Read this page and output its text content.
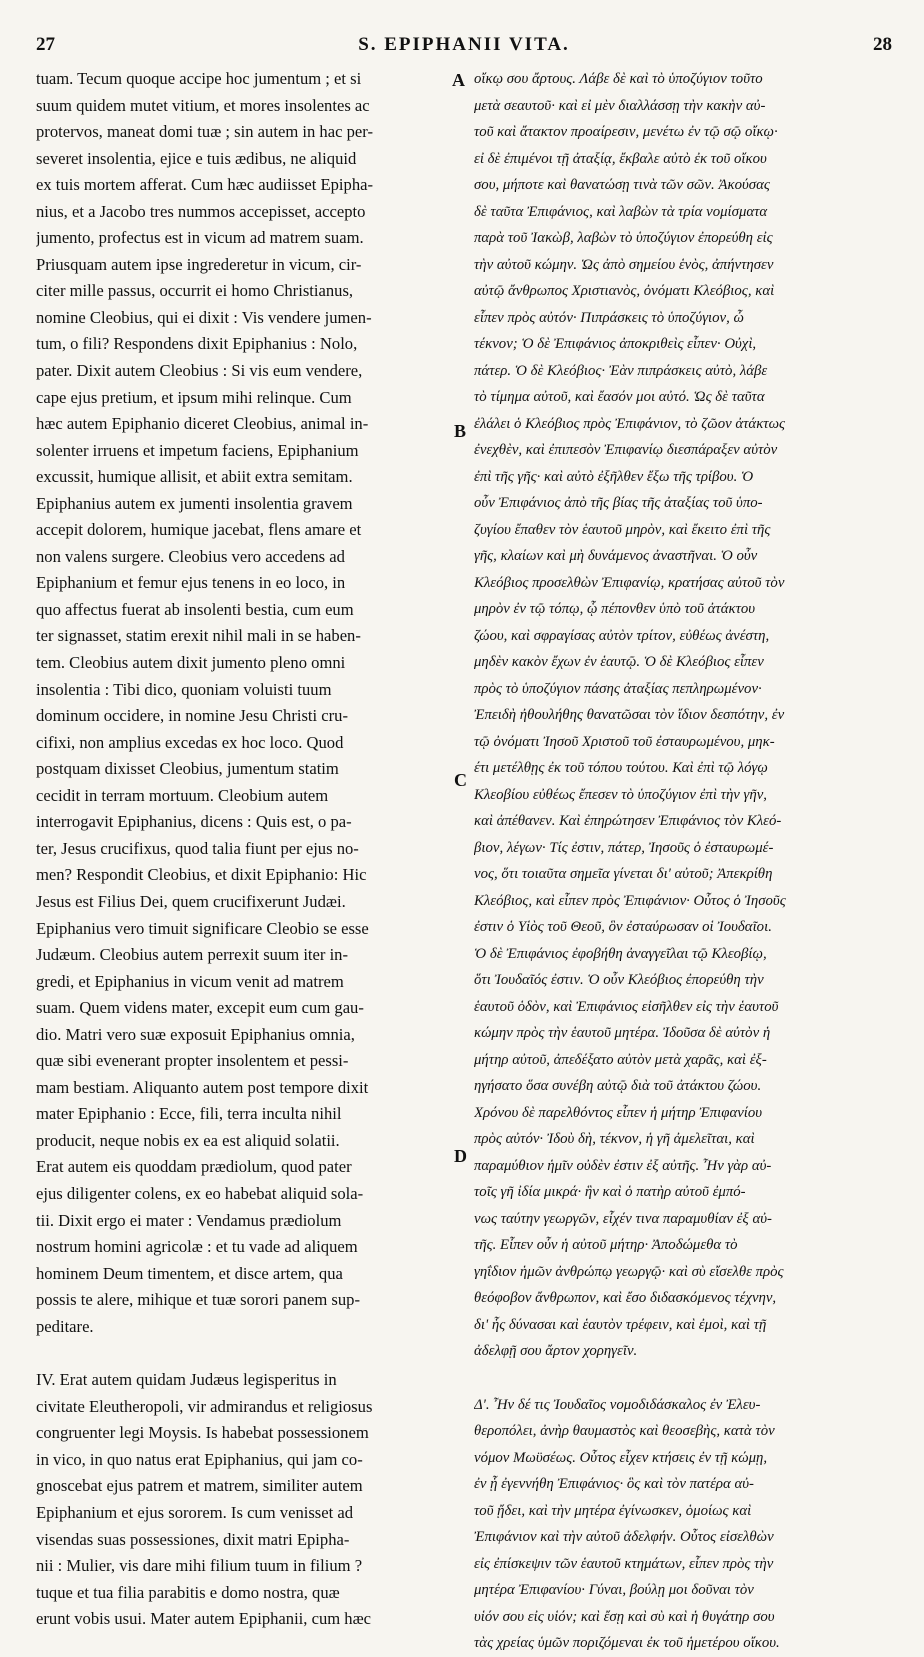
27	S. EPIPHANII VITA.	28
tuam. Tecum quoque accipe hoc jumentum ; et si
suum quidem mutet vitium, et mores insolentes ac
protervos, maneat domi tuæ ; sin autem in hac per-
severet insolentia, ejice e tuis ædibus, ne aliquid
ex tuis mortem afferat. Cum hæc audiisset Epipha-
nius, et a Jacobo tres nummos accepisset, accepto
jumento, profectus est in vicum ad matrem suam.
Priusquam autem ipse ingrederetur in vicum, cir-
citer mille passus, occurrit ei homo Christianus,
nomine Cleobius, qui ei dixit : Vis vendere jumen-
tum, o fili? Respondens dixit Epiphanius : Nolo,
pater. Dixit autem Cleobius : Si vis eum vendere,
cape ejus pretium, et ipsum mihi relinque. Cum
hæc autem Epiphanio diceret Cleobius, animal in-
solenter irruens et impetum faciens, Epiphanium
excussit, humique allisit, et abiit extra semitam.
Epiphanius autem ex jumenti insolentia gravem
accepit dolorem, humique jacebat, flens amare et
non valens surgere. Cleobius vero accedens ad
Epiphanium et femur ejus tenens in eo loco, in
quo affectus fuerat ab insolenti bestia, cum eum
ter signasset, statim erexit nihil mali in se haben-
tem. Cleobius autem dixit jumento pleno omni
insolentia : Tibi dico, quoniam voluisti tuum
dominum occidere, in nomine Jesu Christi cru-
cifixi, non amplius excedas ex hoc loco. Quod
postquam dixisset Cleobius, jumentum statim
cecidit in terram mortuum. Cleobium autem
interrogavit Epiphanius, dicens : Quis est, o pa-
ter, Jesus crucifixus, quod talia fiunt per ejus no-
men? Respondit Cleobius, et dixit Epiphanio: Hic
Jesus est Filius Dei, quem crucifixerunt Judæi.
Epiphanius vero timuit significare Cleobio se esse
Judæum. Cleobius autem perrexit suum iter in-
gredi, et Epiphanius in vicum venit ad matrem
suam. Quem videns mater, excepit eum cum gau-
dio. Matri vero suæ exposuit Epiphanius omnia,
quæ sibi evenerant propter insolentem et pessi-
mam bestiam. Aliquanto autem post tempore dixit
mater Epiphanio : Ecce, fili, terra inculta nihil
producit, neque nobis ex ea est aliquid solatii.
Erat autem eis quoddam prædiolum, quod pater
ejus diligenter colens, ex eo habebat aliquid sola-
tii. Dixit ergo ei mater : Vendamus prædiolum
nostrum homini agricolæ : et tu vade ad aliquem
hominem Deum timentem, et disce artem, qua
possis te alere, mihique et tuæ sorori panem sup-
peditare.
IV. Erat autem quidam Judæus legisperitus in
civitate Eleutheropoli, vir admirandus et religiosus
congruenter legi Moysis. Is habebat possessionem
in vico, in quo natus erat Epiphanius, qui jam co-
gnoscebat ejus patrem et matrem, similiter autem
Epiphanium et ejus sororem. Is cum venisset ad
visendas suas possessiones, dixit matri Epipha-
nii : Mulier, vis dare mihi filium tuum in filium ?
tuque et tua filia parabitis e domo nostra, quæ
erunt vobis usui. Mater autem Epiphanii, cum hæc
οἴκῳ σου ἄρτους. Λάβε δὲ καὶ τὸ ὑποζύγιον τοῦτο
μετὰ σεαυτοῦ· καὶ εἰ μὲν διαλλάσσῃ τὴν κακὴν αὐ-
τοῦ καὶ ἄτακτον προαίρεσιν, μενέτω ἐν τῷ σῷ οἴκῳ·
εἰ δὲ ἐπιμένοι τῇ ἀταξίᾳ, ἔκβαλε αὐτὸ ἐκ τοῦ οἴκου
σου, μήποτε καὶ θανατώσῃ τινὰ τῶν σῶν. Ἀκούσας
δὲ ταῦτα Ἐπιφάνιος, καὶ λαβὼν τὰ τρία νομίσματα
παρὰ τοῦ Ἰακὼβ, λαβὼν τὸ ὑποζύγιον ἐπορεύθη εἰς
τὴν αὐτοῦ κώμην. Ὡς ἀπὸ σημείου ἑνὸς, ἀπήντησεν
αὐτῷ ἄνθρωπος Χριστιανὸς, ὀνόματι Κλεόβιος, καὶ
εἶπεν πρὸς αὐτόν· Πιπράσκεις τὸ ὑποζύγιον, ὦ
τέκνον; Ὁ δὲ Ἐπιφάνιος ἀποκριθεὶς εἶπεν· Οὐχὶ,
πάτερ. Ὁ δὲ Κλεόβιος· Ἐὰν πιπράσκεις αὐτὸ, λάβε
τὸ τίμημα αὐτοῦ, καὶ ἔασόν μοι αὐτό. Ὡς δὲ ταῦτα
ἐλάλει ὁ Κλεόβιος πρὸς Ἐπιφάνιον, τὸ ζῶον ἀτάκτως
ἐνεχθὲν, καὶ ἐπιπεσὸν Ἐπιφανίῳ διεσπάραξεν αὐτὸν
ἐπὶ τῆς γῆς· καὶ αὐτὸ ἐξῆλθεν ἔξω τῆς τρίβου. Ὁ
οὖν Ἐπιφάνιος ἀπὸ τῆς βίας τῆς ἀταξίας τοῦ ὑπο-
ζυγίου ἔπαθεν τὸν ἑαυτοῦ μηρὸν, καὶ ἔκειτο ἐπὶ τῆς
γῆς, κλαίων καὶ μὴ δυνάμενος ἀναστῆναι. Ὁ οὖν
Κλεόβιος προσελθὼν Ἐπιφανίῳ, κρατήσας αὐτοῦ τὸν
μηρὸν ἐν τῷ τόπῳ, ᾧ πέπονθεν ὑπὸ τοῦ ἀτάκτου
ζώου, καὶ σφραγίσας αὐτὸν τρίτον, εὐθέως ἀνέστη,
μηδὲν κακὸν ἔχων ἐν ἑαυτῷ. Ὁ δὲ Κλεόβιος εἶπεν
πρὸς τὸ ὑποζύγιον πάσης ἀταξίας πεπληρωμένον·
Ἐπειδὴ ἠθουλήθης θανατῶσαι τὸν ἴδιον δεσπότην, ἐν
τῷ ὀνόματι Ἰησοῦ Χριστοῦ τοῦ ἐσταυρωμένου, μηκ-
έτι μετέλθῃς ἐκ τοῦ τόπου τούτου. Καὶ ἐπὶ τῷ λόγῳ
Κλεοβίου εὐθέως ἔπεσεν τὸ ὑποζύγιον ἐπὶ τὴν γῆν,
καὶ ἀπέθανεν. Καὶ ἐπηρώτησεν Ἐπιφάνιος τὸν Κλεό-
βιον, λέγων· Τίς ἐστιν, πάτερ, Ἰησοῦς ὁ ἐσταυρωμέ-
νος, ὅτι τοιαῦτα σημεῖα γίνεται δι' αὐτοῦ; Ἀπεκρίθη
Κλεόβιος, καὶ εἶπεν πρὸς Ἐπιφάνιον· Οὗτος ὁ Ἰησοῦς
ἐστιν ὁ Υἱὸς τοῦ Θεοῦ, ὃν ἐσταύρωσαν οἱ Ἰουδαῖοι.
Ὁ δὲ Ἐπιφάνιος ἐφοβήθη ἀναγγεῖλαι τῷ Κλεοβίῳ,
ὅτι Ἰουδαῖός ἐστιν. Ὁ οὖν Κλεόβιος ἐπορεύθη τὴν
ἑαυτοῦ ὁδὸν, καὶ Ἐπιφάνιος εἰσῆλθεν εἰς τὴν ἑαυτοῦ
κώμην πρὸς τὴν ἑαυτοῦ μητέρα. Ἰδοῦσα δὲ αὐτὸν ἡ
μήτηρ αὐτοῦ, ἀπεδέξατο αὐτὸν μετὰ χαρᾶς, καὶ ἐξ-
ηγήσατο ὅσα συνέβη αὐτῷ διὰ τοῦ ἀτάκτου ζώου.
Χρόνου δὲ παρελθόντος εἶπεν ἡ μήτηρ Ἐπιφανίου
πρὸς αὐτόν· Ἰδοὺ δὴ, τέκνον, ἡ γῆ ἀμελεῖται, καὶ
παραμύθιον ἡμῖν οὐδὲν ἐστιν ἐξ αὐτῆς. Ἦν γὰρ αὐ-
τοῖς γῆ ἰδία μικρά· ἣν καὶ ὁ πατὴρ αὐτοῦ ἐμπό-
νως ταύτην γεωργῶν, εἶχέν τινα παραμυθίαν ἐξ αὐ-
τῆς. Εἶπεν οὖν ἡ αὐτοῦ μήτηρ· Ἀποδώμεθα τὸ
γηΐδιον ἡμῶν ἀνθρώπῳ γεωργῷ· καὶ σὺ εἴσελθε πρὸς
θεόφοβον ἄνθρωπον, καὶ ἔσο διδασκόμενος τέχνην,
δι' ἧς δύνασαι καὶ ἑαυτὸν τρέφειν, καὶ ἐμοὶ, καὶ τῇ
ἀδελφῇ σου ἄρτον χορηγεῖν.
Δ'. Ἦν δέ τις Ἰουδαῖος νομοδιδάσκαλος ἐν Ἐλευ-
θεροπόλει, ἀνὴρ θαυμαστὸς καὶ θεοσεβὴς, κατὰ τὸν
νόμον Μωϋσέως. Οὗτος εἶχεν κτήσεις ἐν τῇ κώμῃ,
ἐν ᾗ ἐγεννήθη Ἐπιφάνιος· ὃς καὶ τὸν πατέρα αὐ-
τοῦ ᾔδει, καὶ τὴν μητέρα ἐγίνωσκεν, ὁμοίως καὶ
Ἐπιφάνιον καὶ τὴν αὐτοῦ ἀδελφήν. Οὗτος εἰσελθὼν
εἰς ἐπίσκεψιν τῶν ἑαυτοῦ κτημάτων, εἶπεν πρὸς τὴν
μητέρα Ἐπιφανίου· Γύναι, βούλῃ μοι δοῦναι τὸν
υἱόν σου εἰς υἱόν; καὶ ἔσῃ καὶ σὺ καὶ ἡ θυγάτηρ σου
τὰς χρείας ὑμῶν ποριζόμεναι ἐκ τοῦ ἡμετέρου οἴκου.
A
B
C
D
